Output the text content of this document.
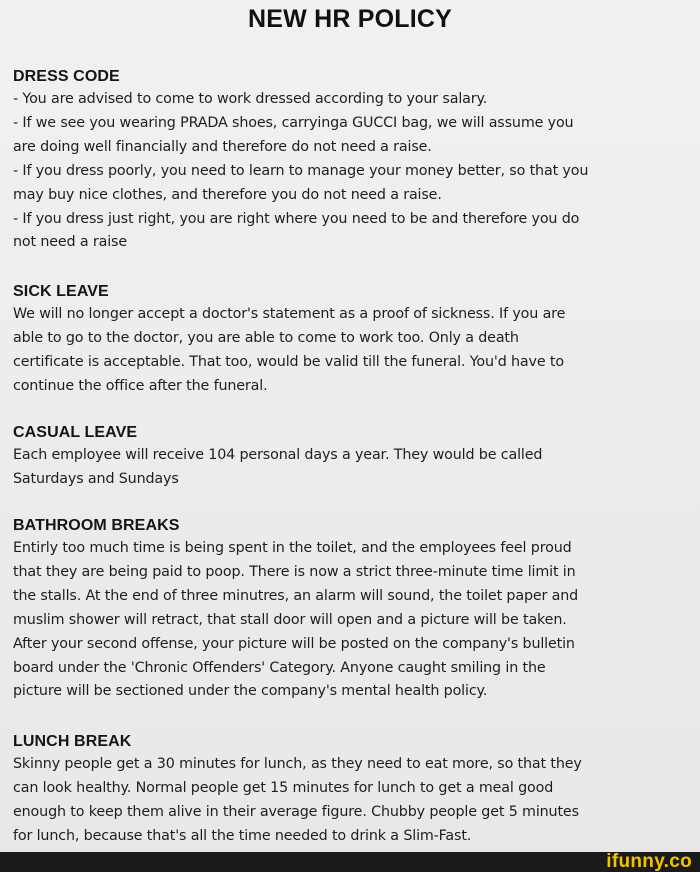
NEW HR POLICY
DRESS CODE
- You are advised to come to work dressed according to your salary.
- If we see you wearing PRADA shoes, carryinga GUCCI bag, we will assume you
are doing well financially and therefore do not need a raise.
- If you dress poorly, you need to learn to manage your money better, so that you
may buy nice clothes, and therefore you do not need a raise.
- If you dress just right, you are right where you need to be and therefore you do
not need a raise
SICK LEAVE
We will no longer accept a doctor's statement as a proof of sickness. If you are
able to go to the doctor, you are able to come to work too. Only a death
certificate is acceptable. That too, would be valid till the funeral. You'd have to
continue the office after the funeral.
CASUAL LEAVE
Each employee will receive 104 personal days a year. They would be called
Saturdays and Sundays
BATHROOM BREAKS
Entirly too much time is being spent in the toilet, and the employees feel proud
that they are being paid to poop. There is now a strict three-minute time limit in
the stalls. At the end of three minutres, an alarm will sound, the toilet paper and
muslim shower will retract, that stall door will open and a picture will be taken.
After your second offense, your picture will be posted on the company's bulletin
board under the 'Chronic Offenders' Category. Anyone caught smiling in the
picture will be sectioned under the company's mental health policy.
LUNCH BREAK
Skinny people get a 30 minutes for lunch, as they need to eat more, so that they
can look healthy. Normal people get 15 minutes for lunch to get a meal good
enough to keep them alive in their average figure. Chubby people get 5 minutes
for lunch, because that's all the time needed to drink a Slim-Fast.
ifunny.co
